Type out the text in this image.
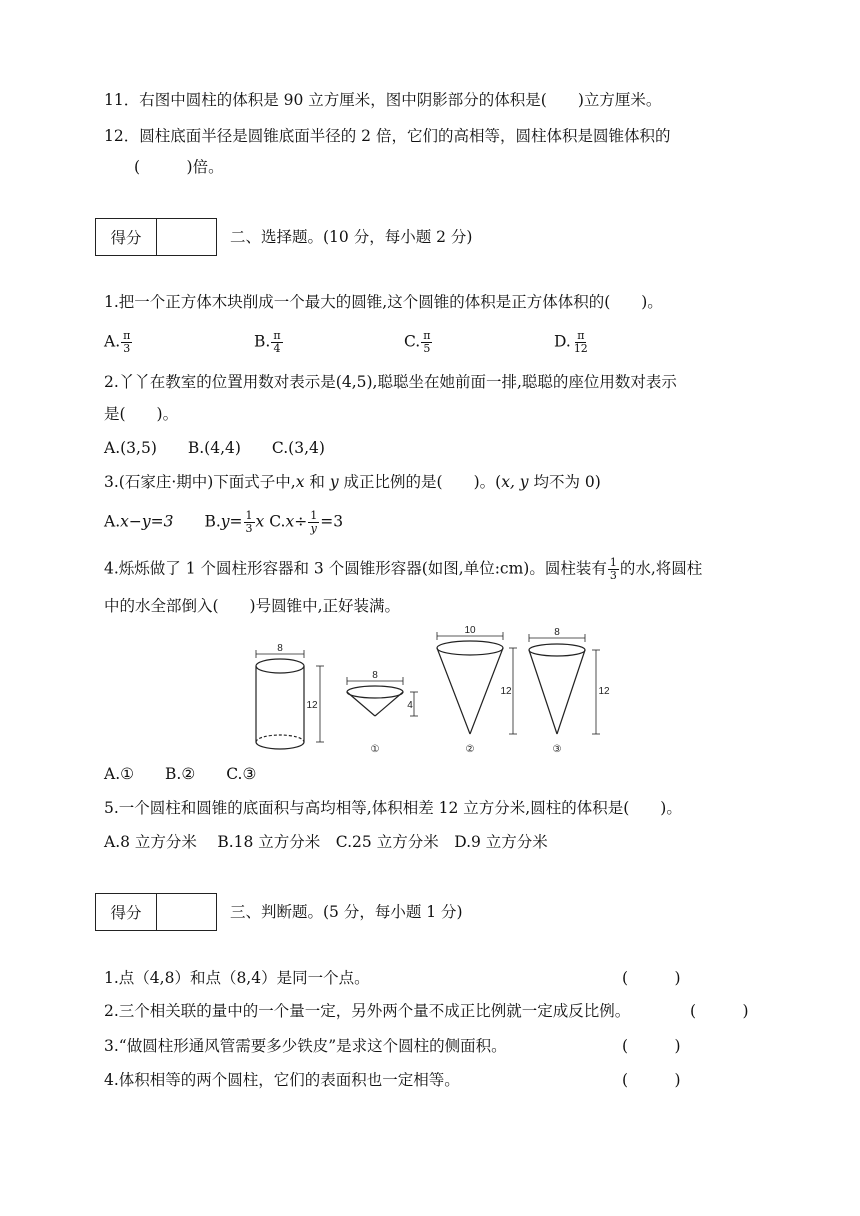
11．右图中圆柱的体积是 90 立方厘米，图中阴影部分的体积是(　　)立方厘米。
12．圆柱底面半径是圆锥底面半径的 2 倍，它们的高相等，圆柱体积是圆锥体积的
(　　　)倍。
得分	二、选择题。(10 分，每小题 2 分)
1.把一个正方体木块削成一个最大的圆锥,这个圆锥的体积是正方体体积的(　　)。
A. $\frac{\pi}{3}$	B. $\frac{\pi}{4}$	C. $\frac{\pi}{5}$	D. $\frac{\pi}{12}$
2.丫丫在教室的位置用数对表示是(4,5),聪聪坐在她前面一排,聪聪的座位用数对表示
是(　　)。
A.(3,5)　　B.(4,4)　　C.(3,4)
3.(石家庄·期中)下面式子中,x 和 y 成正比例的是(　　)。(x, y 均不为 0)
A.x−y=3　　$B.y= \frac{1}{3}$ x $C.x\div \frac{1}{y} =3$
4.烁烁做了 1 个圆柱形容器和 3 个圆锥形容器(如图,单位:cm)。圆柱装有 $\frac{1}{3}$ 的水,将圆柱
中的水全部倒入(　　)号圆锥中,正好装满。
8
12
8
4
①
10
12
②
8
12
③
A.①　　B.②　　C.③
5.一个圆柱和圆锥的底面积与高均相等,体积相差 12 立方分米,圆柱的体积是(　　)。
A.8 立方分米　 B.18 立方分米　C.25 立方分米　D.9 立方分米
得分	三、判断题。(5 分，每小题 1 分)
1.点（4,8）和点（8,4）是同一个点。	(　　　)
2.三个相关联的量中的一个量一定，另外两个量不成正比例就一定成反比例。	(　　　)
3.“做圆柱形通风管需要多少铁皮”是求这个圆柱的侧面积。	(　　　)
4.体积相等的两个圆柱，它们的表面积也一定相等。	(　　　)
